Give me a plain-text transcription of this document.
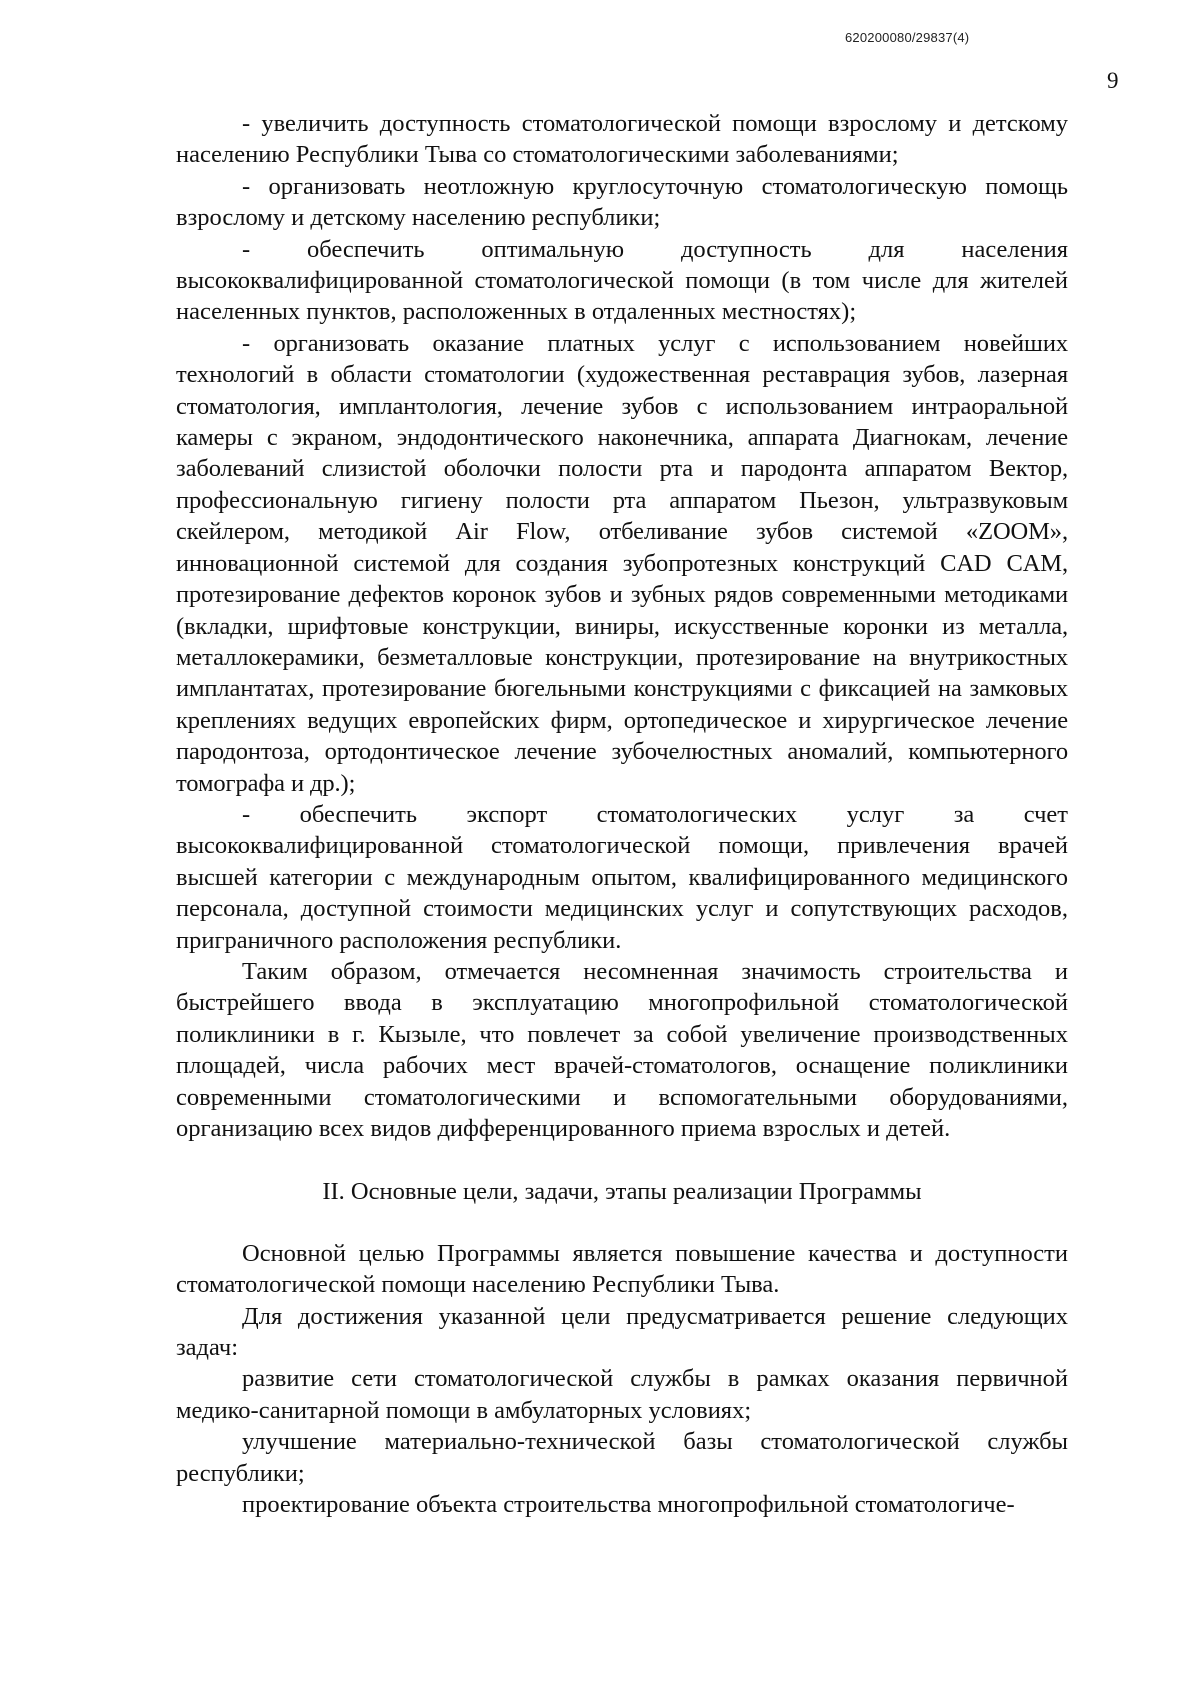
620200080/29837(4)
9

- увеличить доступность стоматологической помощи взрослому и детскому населению Республики Тыва со стоматологическими заболеваниями;

- организовать неотложную круглосуточную стоматологическую помощь взрослому и детскому населению республики;

- обеспечить оптимальную доступность для населения высококвалифицированной стоматологической помощи (в том числе для жителей населенных пунктов, расположенных в отдаленных местностях);

- организовать оказание платных услуг с использованием новейших технологий в области стоматологии (художественная реставрация зубов, лазерная стоматология, имплантология, лечение зубов с использованием интраоральной камеры с экраном, эндодонтического наконечника, аппарата Диагнокам, лечение заболеваний слизистой оболочки полости рта и пародонта аппаратом Вектор, профессиональную гигиену полости рта аппаратом Пьезон, ультразвуковым скейлером, методикой Air Flow, отбеливание зубов системой «ZOOM», инновационной системой для создания зубопротезных конструкций CAD CAM, протезирование дефектов коронок зубов и зубных рядов современными методиками (вкладки, шрифтовые конструкции, виниры, искусственные коронки из металла, металлокерамики, безметалловые конструкции, протезирование на внутрикостных имплантатах, протезирование бюгельными конструкциями с фиксацией на замковых креплениях ведущих европейских фирм, ортопедическое и хирургическое лечение пародонтоза, ортодонтическое лечение зубочелюстных аномалий, компьютерного томографа и др.);

- обеспечить экспорт стоматологических услуг за счет высококвалифицированной стоматологической помощи, привлечения врачей высшей категории с международным опытом, квалифицированного медицинского персонала, доступной стоимости медицинских услуг и сопутствующих расходов, приграничного расположения республики.

Таким образом, отмечается несомненная значимость строительства и быстрейшего ввода в эксплуатацию многопрофильной стоматологической поликлиники в г. Кызыле, что повлечет за собой увеличение производственных площадей, числа рабочих мест врачей-стоматологов, оснащение поликлиники современными стоматологическими и вспомогательными оборудованиями, организацию всех видов дифференцированного приема взрослых и детей.

II. Основные цели, задачи, этапы реализации Программы

Основной целью Программы является повышение качества и доступности стоматологической помощи населению Республики Тыва.

Для достижения указанной цели предусматривается решение следующих задач:

развитие сети стоматологической службы в рамках оказания первичной медико-санитарной помощи в амбулаторных условиях;

улучшение материально-технической базы стоматологической службы республики;

проектирование объекта строительства многопрофильной стоматологиче-
